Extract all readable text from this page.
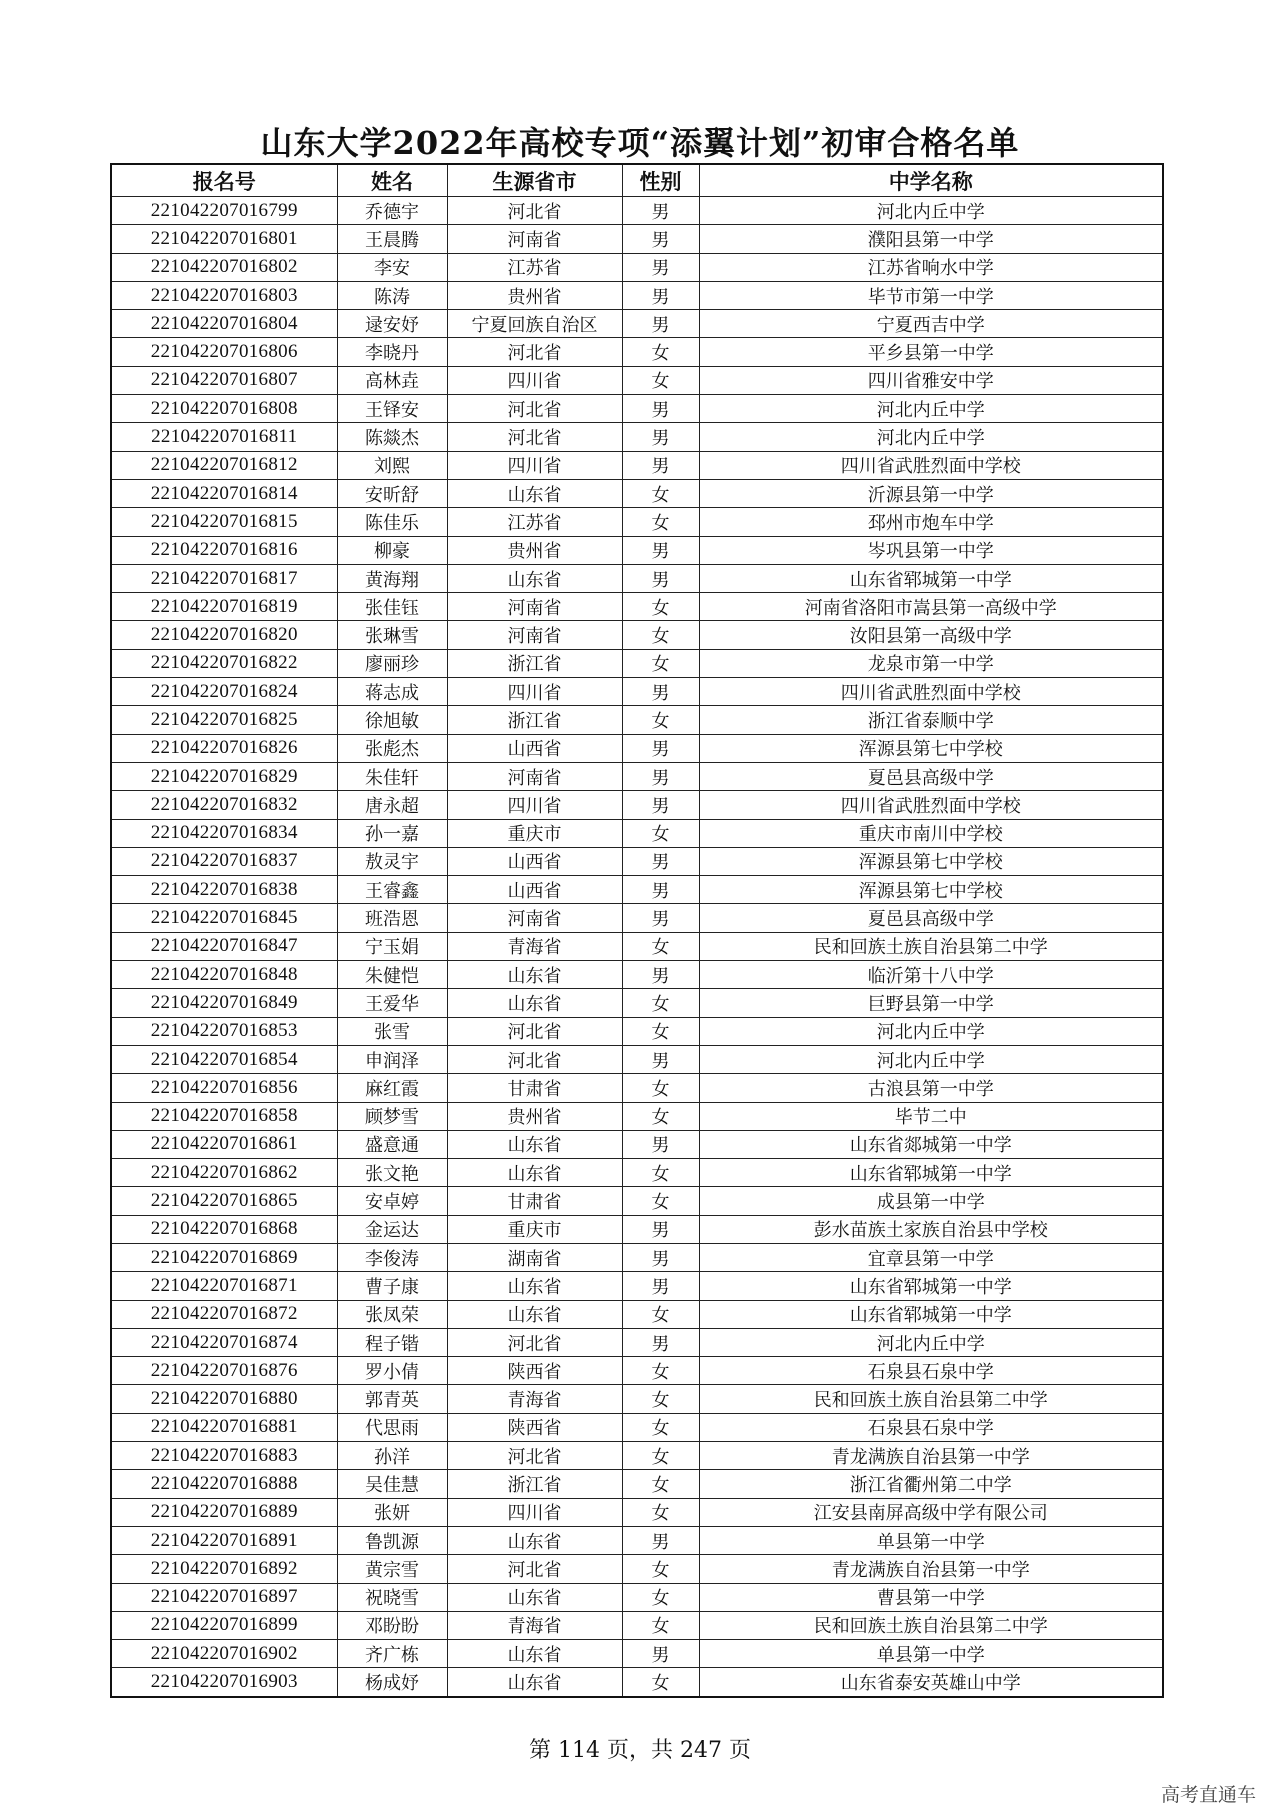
山东大学2022年高校专项“添翼计划”初审合格名单
报名号	姓名	生源省市	性别	中学名称
221042207016799	乔德宇	河北省	男	河北内丘中学
221042207016801	王晨腾	河南省	男	濮阳县第一中学
221042207016802	李安	江苏省	男	江苏省响水中学
221042207016803	陈涛	贵州省	男	毕节市第一中学
221042207016804	逯安妤	宁夏回族自治区	男	宁夏西吉中学
221042207016806	李晓丹	河北省	女	平乡县第一中学
221042207016807	高林垚	四川省	女	四川省雅安中学
221042207016808	王铎安	河北省	男	河北内丘中学
221042207016811	陈燚杰	河北省	男	河北内丘中学
221042207016812	刘熙	四川省	男	四川省武胜烈面中学校
221042207016814	安昕舒	山东省	女	沂源县第一中学
221042207016815	陈佳乐	江苏省	女	邳州市炮车中学
221042207016816	柳豪	贵州省	男	岑巩县第一中学
221042207016817	黄海翔	山东省	男	山东省郓城第一中学
221042207016819	张佳钰	河南省	女	河南省洛阳市嵩县第一高级中学
221042207016820	张琳雪	河南省	女	汝阳县第一高级中学
221042207016822	廖丽珍	浙江省	女	龙泉市第一中学
221042207016824	蒋志成	四川省	男	四川省武胜烈面中学校
221042207016825	徐旭敏	浙江省	女	浙江省泰顺中学
221042207016826	张彪杰	山西省	男	浑源县第七中学校
221042207016829	朱佳轩	河南省	男	夏邑县高级中学
221042207016832	唐永超	四川省	男	四川省武胜烈面中学校
221042207016834	孙一嘉	重庆市	女	重庆市南川中学校
221042207016837	敖灵宇	山西省	男	浑源县第七中学校
221042207016838	王睿鑫	山西省	男	浑源县第七中学校
221042207016845	班浩恩	河南省	男	夏邑县高级中学
221042207016847	宁玉娟	青海省	女	民和回族土族自治县第二中学
221042207016848	朱健恺	山东省	男	临沂第十八中学
221042207016849	王爱华	山东省	女	巨野县第一中学
221042207016853	张雪	河北省	女	河北内丘中学
221042207016854	申润泽	河北省	男	河北内丘中学
221042207016856	麻红霞	甘肃省	女	古浪县第一中学
221042207016858	顾梦雪	贵州省	女	毕节二中
221042207016861	盛意通	山东省	男	山东省郯城第一中学
221042207016862	张文艳	山东省	女	山东省郓城第一中学
221042207016865	安卓婷	甘肃省	女	成县第一中学
221042207016868	金运达	重庆市	男	彭水苗族土家族自治县中学校
221042207016869	李俊涛	湖南省	男	宜章县第一中学
221042207016871	曹子康	山东省	男	山东省郓城第一中学
221042207016872	张凤荣	山东省	女	山东省郓城第一中学
221042207016874	程子锴	河北省	男	河北内丘中学
221042207016876	罗小倩	陕西省	女	石泉县石泉中学
221042207016880	郭青英	青海省	女	民和回族土族自治县第二中学
221042207016881	代思雨	陕西省	女	石泉县石泉中学
221042207016883	孙洋	河北省	女	青龙满族自治县第一中学
221042207016888	吴佳慧	浙江省	女	浙江省衢州第二中学
221042207016889	张妍	四川省	女	江安县南屏高级中学有限公司
221042207016891	鲁凯源	山东省	男	单县第一中学
221042207016892	黄宗雪	河北省	女	青龙满族自治县第一中学
221042207016897	祝晓雪	山东省	女	曹县第一中学
221042207016899	邓盼盼	青海省	女	民和回族土族自治县第二中学
221042207016902	齐广栋	山东省	男	单县第一中学
221042207016903	杨成妤	山东省	女	山东省泰安英雄山中学
第 114 页，共 247 页
高考直通车
